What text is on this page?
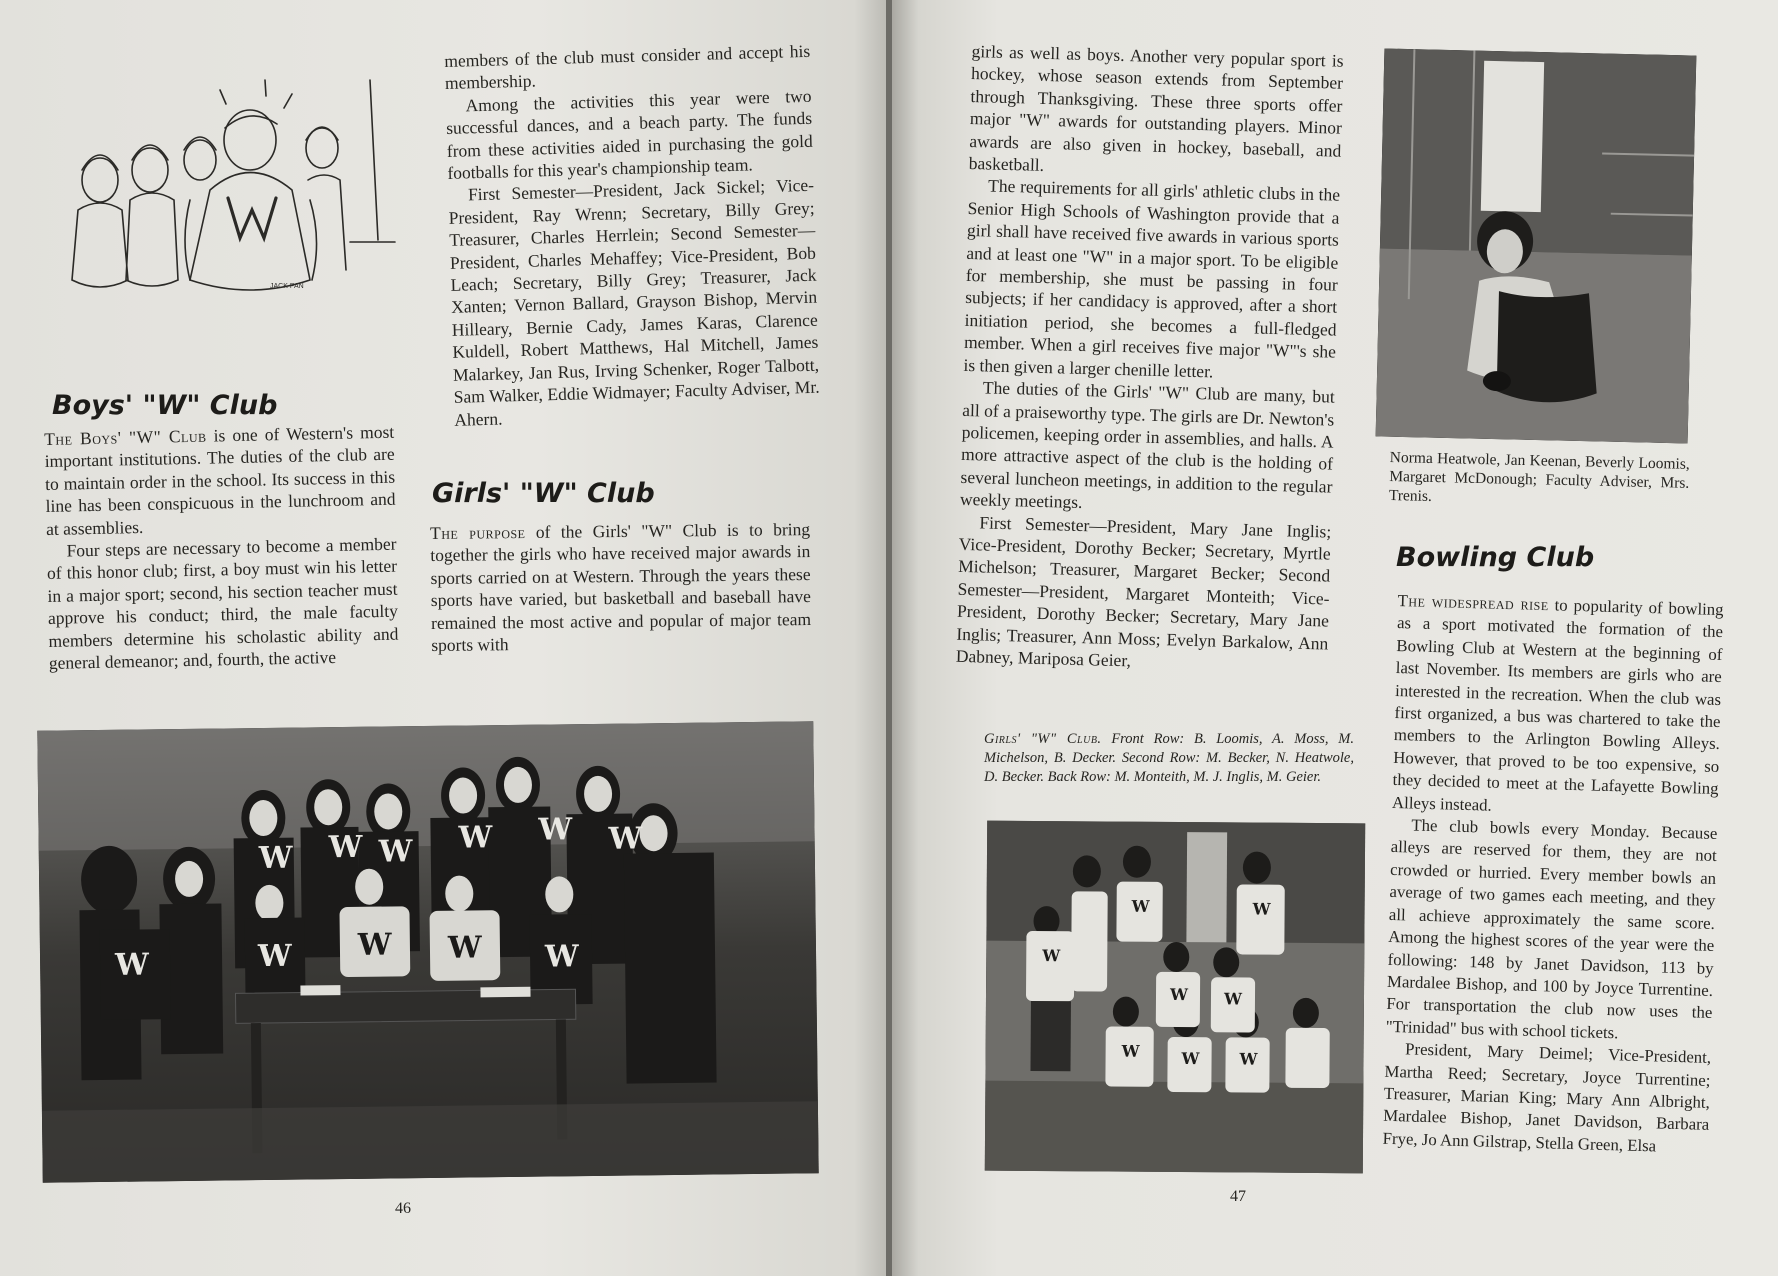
JACK PAN
Boys' "W" Club

The Boys' "W" Club is one of Western's most important institutions. The duties of the club are to maintain order in the school. Its success in this line has been conspicuous in the lunchroom and at assemblies.

Four steps are necessary to become a member of this honor club; first, a boy must win his letter in a major sport; second, his section teacher must approve his conduct; third, the male faculty members determine his scholastic ability and general demeanor; and, fourth, the active

members of the club must consider and accept his membership.

Among the activities this year were two successful dances, and a beach party. The funds from these activities aided in purchasing the gold footballs for this year's championship team.

First Semester—President, Jack Sickel; Vice-President, Ray Wrenn; Secretary, Billy Grey; Treasurer, Charles Herrlein; Second Semester—President, Charles Mehaffey; Vice-President, Bob Leach; Secretary, Billy Grey; Treasurer, Jack Xanten; Vernon Ballard, Grayson Bishop, Mervin Hilleary, Bernie Cady, James Karas, Clarence Kuldell, Robert Matthews, Hal Mitchell, James Malarkey, Jan Rus, Irving Schenker, Roger Talbott, Sam Walker, Eddie Widmayer; Faculty Adviser, Mr. Ahern.

Girls' "W" Club

The purpose of the Girls' "W" Club is to bring together the girls who have received major awards in sports carried on at Western. Through the years these sports have varied, but basketball and baseball have remained the most active and popular of major team sports with

W W W W W W
W	W
W
W W
46

girls as well as boys. Another very popular sport is hockey, whose season extends from September through Thanksgiving. These three sports offer major "W" awards for outstanding players. Minor awards are also given in hockey, baseball, and basketball.

The requirements for all girls' athletic clubs in the Senior High Schools of Washington provide that a girl shall have received five awards in various sports and at least one "W" in a major sport. To be eligible for membership, she must be passing in four subjects; if her candidacy is approved, after a short initiation period, she becomes a full-fledged member. When a girl receives five major "W"'s she is then given a larger chenille letter.

The duties of the Girls' "W" Club are many, but all of a praiseworthy type. The girls are Dr. Newton's policemen, keeping order in assemblies, and halls. A more attractive aspect of the club is the holding of several luncheon meetings, in addition to the regular weekly meetings.

First Semester—President, Mary Jane Inglis; Vice-President, Dorothy Becker; Secretary, Myrtle Michelson; Treasurer, Margaret Becker; Second Semester—President, Margaret Monteith; Vice-President, Dorothy Becker; Secretary, Mary Jane Inglis; Treasurer, Ann Moss; Evelyn Barkalow, Ann Dabney, Mariposa Geier,

Girls' "W" Club. Front Row: B. Loomis, A. Moss, M. Michelson, B. Decker. Second Row: M. Becker, N. Heatwole, D. Becker. Back Row: M. Monteith, M. J. Inglis, M. Geier.
Norma Heatwole, Jan Keenan, Beverly Loomis, Margaret McDonough; Faculty Adviser, Mrs. Trenis.
Bowling Club

The widespread rise to popularity of bowling as a sport motivated the formation of the Bowling Club at Western at the beginning of last November. Its members are girls who are interested in the recreation. When the club was first organized, a bus was chartered to take the members to the Arlington Bowling Alleys. However, that proved to be too expensive, so they decided to meet at the Lafayette Bowling Alleys instead.

The club bowls every Monday. Because alleys are reserved for them, they are not crowded or hurried. Every member bowls an average of two games each meeting, and they all achieve approximately the same score. Among the highest scores of the year were the following: 148 by Janet Davidson, 113 by Mardalee Bishop, and 100 by Joyce Turrentine. For transportation the club now uses the "Trinidad" bus with school tickets.

President, Mary Deimel; Vice-President, Martha Reed; Secretary, Joyce Turrentine; Treasurer, Marian King; Mary Ann Albright, Mardalee Bishop, Janet Davidson, Barbara Frye, Jo Ann Gilstrap, Stella Green, Elsa

W
W	W
W W
W	W W
47
